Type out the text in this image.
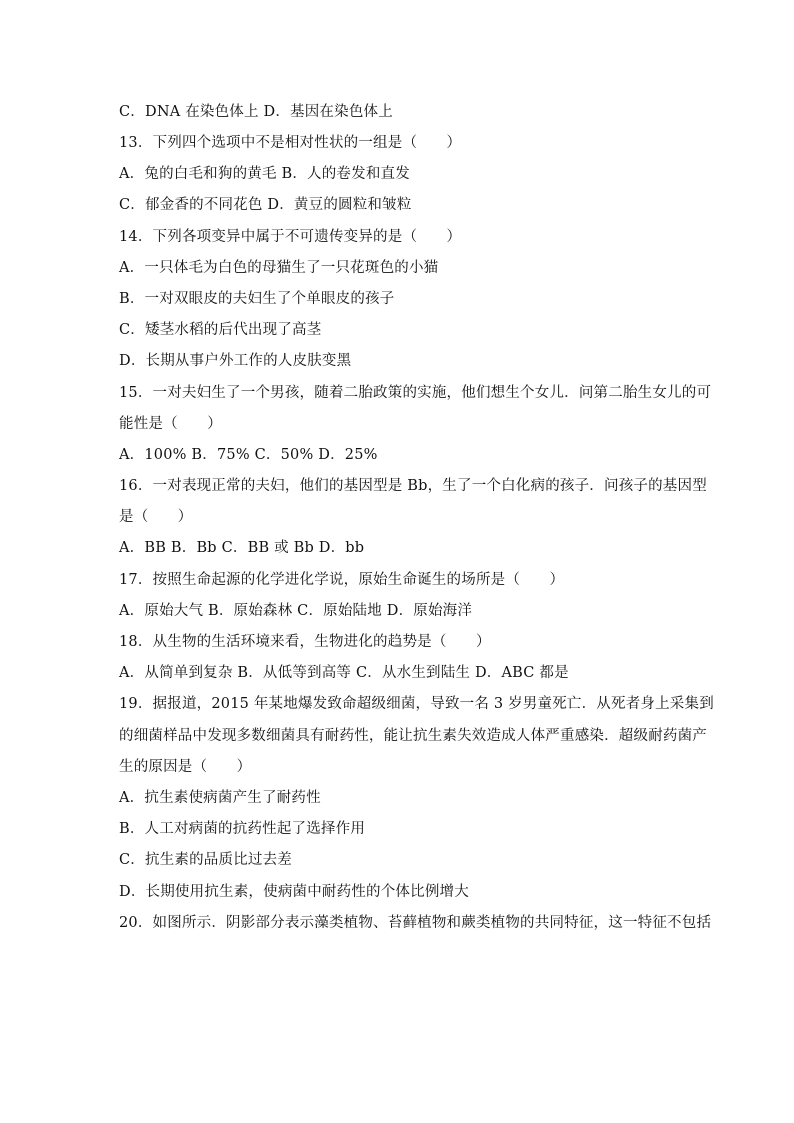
C．DNA 在染色体上 D．基因在染色体上
13．下列四个选项中不是相对性状的一组是（　　）
A．兔的白毛和狗的黄毛 B．人的卷发和直发
C．郁金香的不同花色 D．黄豆的圆粒和皱粒
14．下列各项变异中属于不可遗传变异的是（　　）
A．一只体毛为白色的母猫生了一只花斑色的小猫
B．一对双眼皮的夫妇生了个单眼皮的孩子
C．矮茎水稻的后代出现了高茎
D．长期从事户外工作的人皮肤变黑
15．一对夫妇生了一个男孩，随着二胎政策的实施，他们想生个女儿．问第二胎生女儿的可
能性是（　　）
A．100% B．75% C．50% D．25%
16．一对表现正常的夫妇，他们的基因型是 Bb，生了一个白化病的孩子．问孩子的基因型
是（　　）
A．BB B．Bb C．BB 或 Bb D．bb
17．按照生命起源的化学进化学说，原始生命诞生的场所是（　　）
A．原始大气 B．原始森林 C．原始陆地 D．原始海洋
18．从生物的生活环境来看，生物进化的趋势是（　　）
A．从简单到复杂 B．从低等到高等 C．从水生到陆生 D．ABC 都是
19．据报道，2015 年某地爆发致命超级细菌，导致一名 3 岁男童死亡．从死者身上采集到
的细菌样品中发现多数细菌具有耐药性，能让抗生素失效造成人体严重感染．超级耐药菌产
生的原因是（　　）
A．抗生素使病菌产生了耐药性
B．人工对病菌的抗药性起了选择作用
C．抗生素的品质比过去差
D．长期使用抗生素，使病菌中耐药性的个体比例增大
20．如图所示．阴影部分表示藻类植物、苔藓植物和蕨类植物的共同特征，这一特征不包括
